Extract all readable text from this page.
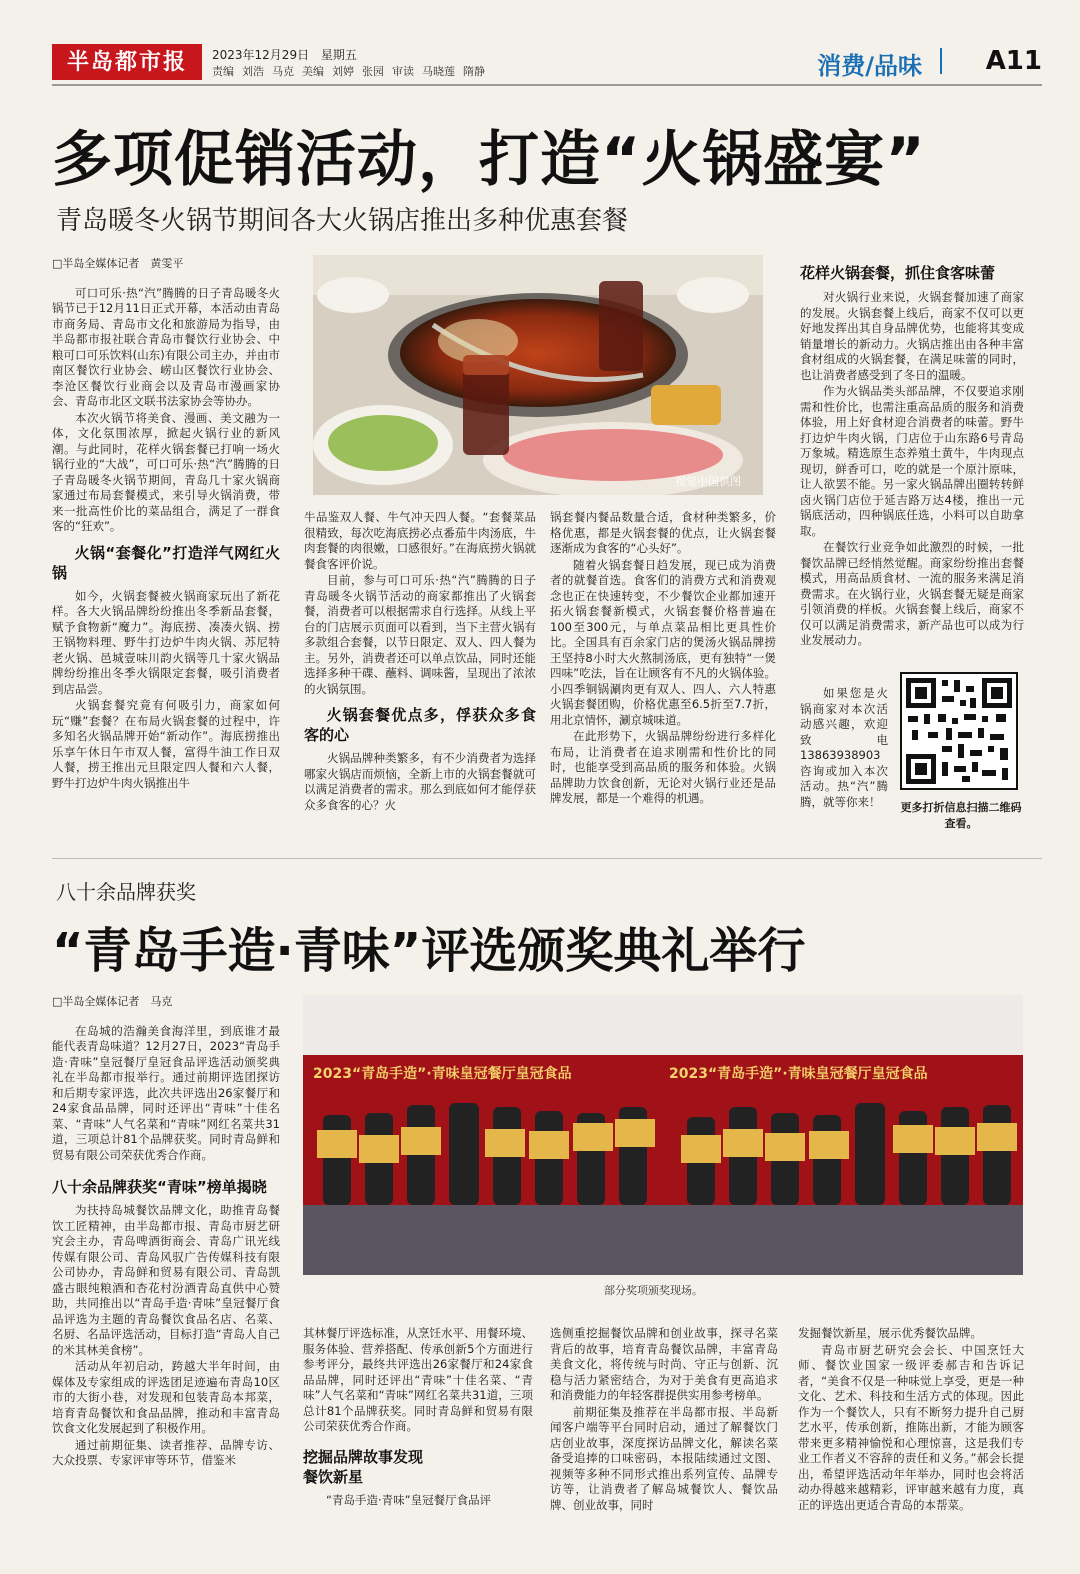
半岛都市报	2023年12月29日 星期五
责编 刘浩 马克 美编 刘婷 张园 审读 马晓莲 隋静	消费/品味 A11
多项促销活动，打造“火锅盛宴”
青岛暖冬火锅节期间各大火锅店推出多种优惠套餐
□半岛全媒体记者　黄雯平

可口可乐·热“汽”腾腾的日子青岛暖冬火锅节已于12月11日正式开幕，本活动由青岛市商务局、青岛市文化和旅游局为指导，由半岛都市报社联合青岛市餐饮行业协会、中粮可口可乐饮料(山东)有限公司主办，并由市南区餐饮行业协会、崂山区餐饮行业协会、李沧区餐饮行业商会以及青岛市漫画家协会、青岛市北区文联书法家协会等协办。

本次火锅节将美食、漫画、美文融为一体，文化氛围浓厚，掀起火锅行业的新风潮。与此同时，花样火锅套餐已打响一场火锅行业的“大战”，可口可乐·热“汽”腾腾的日子青岛暖冬火锅节期间，青岛几十家火锅商家通过布局套餐模式，来引导火锅消费，带来一批高性价比的菜品组合，满足了一群食客的“狂欢”。

火锅“套餐化”打造洋气网红火锅

如今，火锅套餐被火锅商家玩出了新花样。各大火锅品牌纷纷推出冬季新品套餐，赋予食物新“魔力”。海底捞、凑凑火锅、捞王锅物料理、野牛打边炉牛肉火锅、苏尼特老火锅、邑城壹味川韵火锅等几十家火锅品牌纷纷推出冬季火锅限定套餐，吸引消费者到店品尝。

火锅套餐究竟有何吸引力，商家如何玩“赚”套餐？在布局火锅套餐的过程中，许多知名火锅品牌开始“新动作”。海底捞推出乐享午休日午市双人餐，富得牛油工作日双人餐，捞王推出元旦限定四人餐和六人餐，野牛打边炉牛肉火锅推出牛

视觉中国供图

牛品鉴双人餐、牛气冲天四人餐。“套餐菜品很精致，每次吃海底捞必点番茄牛肉汤底，牛肉套餐的肉很嫩，口感很好。”在海底捞火锅就餐食客评价说。

目前，参与可口可乐·热“汽”腾腾的日子青岛暖冬火锅节活动的商家都推出了火锅套餐，消费者可以根据需求自行选择。从线上平台的门店展示页面可以看到，当下主营火锅有多款组合套餐，以节日限定、双人、四人餐为主。另外，消费者还可以单点饮品，同时还能选择多种干碟、蘸料、调味酱，呈现出了浓浓的火锅氛围。

火锅套餐优点多，俘获众多食客的心

火锅品牌种类繁多，有不少消费者为选择哪家火锅店而烦恼，全新上市的火锅套餐就可以满足消费者的需求。那么到底如何才能俘获众多食客的心？火

锅套餐内餐品数量合适，食材种类繁多，价格优惠，都是火锅套餐的优点，让火锅套餐逐渐成为食客的“心头好”。

随着火锅套餐日趋发展，现已成为消费者的就餐首选。食客们的消费方式和消费观念也正在快速转变，不少餐饮企业都加速开拓火锅套餐新模式，火锅套餐价格普遍在100至300元，与单点菜品相比更具性价比。全国具有百余家门店的煲汤火锅品牌捞王坚持8小时大火熬制汤底，更有独特“一煲四味”吃法，旨在让顾客有不凡的火锅体验。小四季铜锅涮肉更有双人、四人、六人特惠火锅套餐团购，价格优惠至6.5折至7.7折，用北京情怀，涮京城味道。

在此形势下，火锅品牌纷纷进行多样化布局，让消费者在追求刚需和性价比的同时，也能享受到高品质的服务和体验。火锅品牌助力饮食创新，无论对火锅行业还是品牌发展，都是一个难得的机遇。

花样火锅套餐，抓住食客味蕾

对火锅行业来说，火锅套餐加速了商家的发展。火锅套餐上线后，商家不仅可以更好地发挥出其自身品牌优势，也能将其变成销量增长的新动力。火锅店推出由各种丰富食材组成的火锅套餐，在满足味蕾的同时，也让消费者感受到了冬日的温暖。

作为火锅品类头部品牌，不仅要追求刚需和性价比，也需注重高品质的服务和消费体验，用上好食材迎合消费者的味蕾。野牛打边炉牛肉火锅，门店位于山东路6号青岛万象城。精选原生态养殖土黄牛，牛肉现点现切，鲜香可口，吃的就是一个原汁原味，让人欲罢不能。另一家火锅品牌出圈转转鲜卤火锅门店位于延吉路万达4楼，推出一元锅底活动，四种锅底任选，小料可以自助拿取。

在餐饮行业竞争如此激烈的时候，一批餐饮品牌已经悄然觉醒。商家纷纷推出套餐模式，用高品质食材、一流的服务来满足消费需求。在火锅行业，火锅套餐无疑是商家引领消费的样板。火锅套餐上线后，商家不仅可以满足消费需求，新产品也可以成为行业发展动力。

如果您是火锅商家对本次活动感兴趣，欢迎致电13863938903咨询或加入本次活动。热“汽”腾腾，就等你来！	更多打折信息扫描二维码查看。
八十余品牌获奖
“青岛手造·青味”评选颁奖典礼举行
□半岛全媒体记者　马克

在岛城的浩瀚美食海洋里，到底谁才最能代表青岛味道？12月27日，2023“青岛手造·青味”皇冠餐厅皇冠食品评选活动颁奖典礼在半岛都市报举行。通过前期评选团探访和后期专家评选，此次共评选出26家餐厅和24家食品品牌，同时还评出“青味”十佳名菜、“青味”人气名菜和“青味”网红名菜共31道，三项总计81个品牌获奖。同时青岛鲜和贸易有限公司荣获优秀合作商。

八十余品牌获奖“青味”榜单揭晓

为扶持岛城餐饮品牌文化，助推青岛餐饮工匠精神，由半岛都市报、青岛市厨艺研究会主办，青岛啤酒街商会、青岛广讯光线传媒有限公司、青岛风驭广告传媒科技有限公司协办，青岛鲜和贸易有限公司、青岛凯盛古眼纯粮酒和杏花村汾酒青岛直供中心赞助，共同推出以“青岛手造·青味”皇冠餐厅食品评选为主题的青岛餐饮食品名店、名菜、名厨、名品评选活动，目标打造“青岛人自己的米其林美食榜”。

活动从年初启动，跨越大半年时间，由媒体及专家组成的评选团足迹遍布青岛10区市的大街小巷，对发现和包装青岛本邦菜，培育青岛餐饮和食品品牌，推动和丰富青岛饮食文化发展起到了积极作用。

通过前期征集、读者推荐、品牌专访、大众投票、专家评审等环节，借鉴米

2023“青岛手造”·青味皇冠餐厅皇冠食品	2023“青岛手造”·青味皇冠餐厅皇冠食品
部分奖项颁奖现场。

其林餐厅评选标准，从烹饪水平、用餐环境、服务体验、营养搭配、传承创新5个方面进行参考评分，最终共评选出26家餐厅和24家食品品牌，同时还评出“青味”十佳名菜、“青味”人气名菜和“青味”网红名菜共31道，三项总计81个品牌获奖。同时青岛鲜和贸易有限公司荣获优秀合作商。

挖掘品牌故事发现餐饮新星

“青岛手造·青味”皇冠餐厅食品评

选侧重挖掘餐饮品牌和创业故事，探寻名菜背后的故事，培育青岛餐饮品牌，丰富青岛美食文化，将传统与时尚、守正与创新、沉稳与活力紧密结合，为对于美食有更高追求和消费能力的年轻客群提供实用参考榜单。

前期征集及推荐在半岛都市报、半岛新闻客户端等平台同时启动，通过了解餐饮门店创业故事，深度探访品牌文化，解读名菜备受追捧的口味密码，本报陆续通过文图、视频等多种不同形式推出系列宣传、品牌专访等，让消费者了解岛城餐饮人、餐饮品牌、创业故事，同时

发掘餐饮新星，展示优秀餐饮品牌。

青岛市厨艺研究会会长、中国烹饪大师、餐饮业国家一级评委郝吉和告诉记者，“美食不仅是一种味觉上享受，更是一种文化、艺术、科技和生活方式的体现。因此作为一个餐饮人，只有不断努力提升自己厨艺水平，传承创新，推陈出新，才能为顾客带来更多精神愉悦和心理惊喜，这是我们专业工作者义不容辞的责任和义务。”郝会长提出，希望评选活动年年举办，同时也会将活动办得越来越精彩，评审越来越有力度，真正的评选出更适合青岛的本帮菜。
